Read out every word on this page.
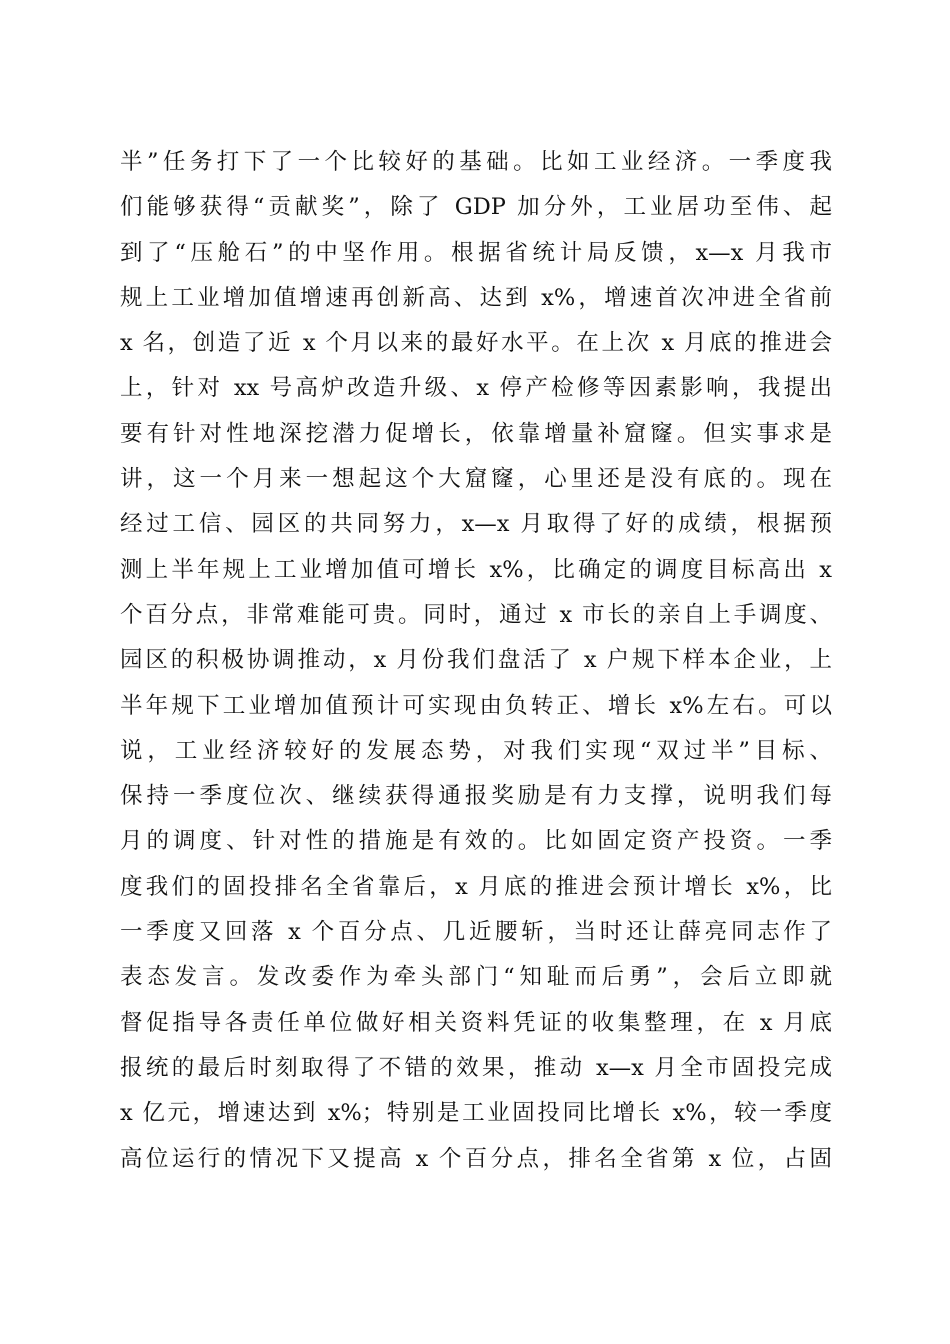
半”任务打下了一个比较好的基础。比如工业经济。一季度我
们能够获得“贡献奖”，除了 GDP 加分外，工业居功至伟、起
到了“压舱石”的中坚作用。根据省统计局反馈，x—x 月我市
规上工业增加值增速再创新高、达到 x%，增速首次冲进全省前
x 名，创造了近 x 个月以来的最好水平。在上次 x 月底的推进会
上，针对 xx 号高炉改造升级、x 停产检修等因素影响，我提出
要有针对性地深挖潜力促增长，依靠增量补窟窿。但实事求是
讲，这一个月来一想起这个大窟窿，心里还是没有底的。现在
经过工信、园区的共同努力，x—x 月取得了好的成绩，根据预
测上半年规上工业增加值可增长 x%，比确定的调度目标高出 x
个百分点，非常难能可贵。同时，通过 x 市长的亲自上手调度、
园区的积极协调推动，x 月份我们盘活了 x 户规下样本企业，上
半年规下工业增加值预计可实现由负转正、增长 x%左右。可以
说，工业经济较好的发展态势，对我们实现“双过半”目标、
保持一季度位次、继续获得通报奖励是有力支撑，说明我们每
月的调度、针对性的措施是有效的。比如固定资产投资。一季
度我们的固投排名全省靠后，x 月底的推进会预计增长 x%，比
一季度又回落 x 个百分点、几近腰斩，当时还让薛亮同志作了
表态发言。发改委作为牵头部门“知耻而后勇”，会后立即就
督促指导各责任单位做好相关资料凭证的收集整理，在 x 月底
报统的最后时刻取得了不错的效果，推动 x—x 月全市固投完成
x 亿元，增速达到 x%；特别是工业固投同比增长 x%，较一季度
高位运行的情况下又提高 x 个百分点，排名全省第 x 位，占固
